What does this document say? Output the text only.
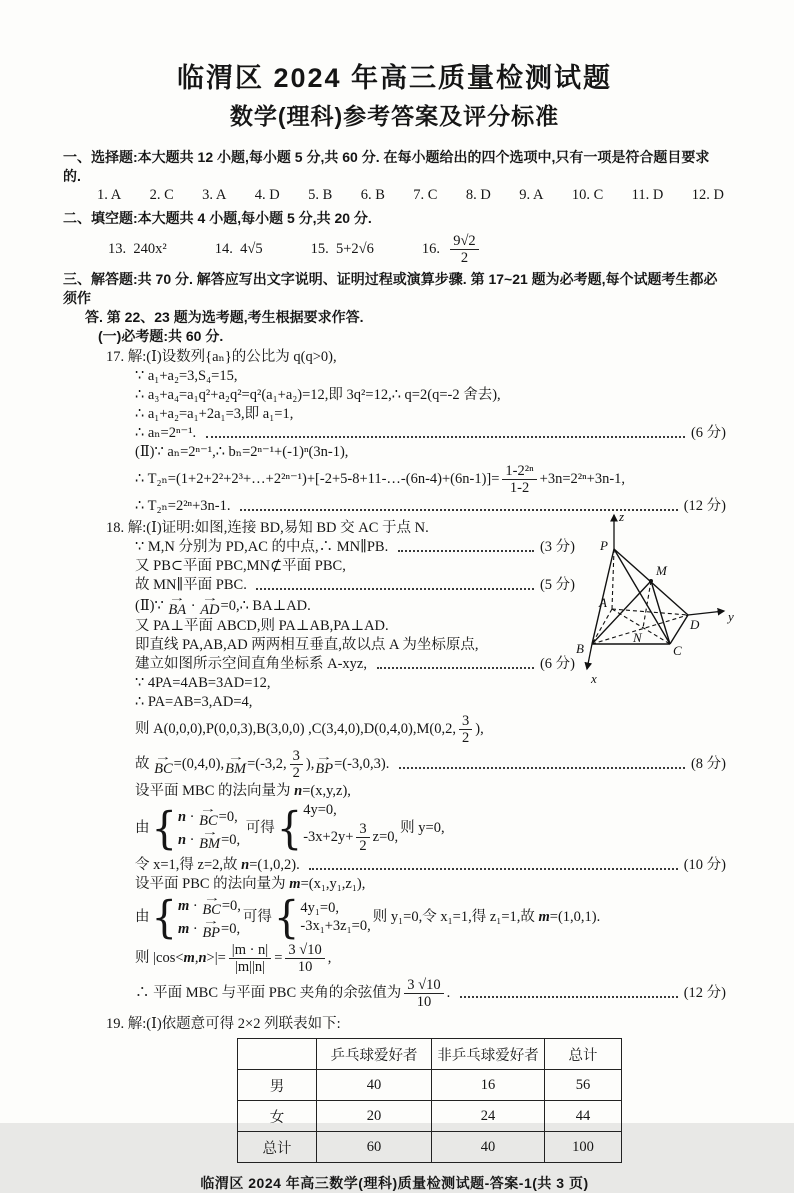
临渭区 2024 年高三质量检测试题
数学(理科)参考答案及评分标准
一、选择题:本大题共 12 小题,每小题 5 分,共 60 分. 在每小题给出的四个选项中,只有一项是符合题目要求的.
1. A 2. C 3. A 4. D 5. B 6. B 7. C 8. D 9. A 10. C 11. D 12. D
二、填空题:本大题共 4 小题,每小题 5 分,共 20 分.
13.  240x²	14.  4√5	15.  5+2√6	16. $\frac{9√2}{2}$
三、解答题:共 70 分. 解答应写出文字说明、证明过程或演算步骤. 第 17~21 题为必考题,每个试题考生都必须作
答. 第 22、23 题为选考题,考生根据要求作答.
(一)必考题:共 60 分.
17. 解:(Ⅰ)设数列{aₙ}的公比为 q(q>0),
∵ a₁+a₂=3,S₄=15,
∴ a₃+a₄=a₁q²+a₂q²=q²(a₁+a₂)=12,即 3q²=12,∴ q=2(q=-2 舍去),
∴ a₁+a₂=a₁+2a₁=3,即 a₁=1,
∴ aₙ=2ⁿ⁻¹.	(6 分)
(Ⅱ)∵ aₙ=2ⁿ⁻¹,∴ bₙ=2ⁿ⁻¹+(-1)ⁿ(3n-1),
∴ T₂ₙ=(1+2+2²+2³+…+2²ⁿ⁻¹)+[-2+5-8+11-…-(6n-4)+(6n-1)]= $\frac{\text{1-2²ⁿ}}{1-2} +3n=2^{2n}+3n-1$,
∴ T₂ₙ=2²ⁿ+3n-1.	(12 分)
18. 解:(Ⅰ)证明:如图,连接 BD,易知 BD 交 AC 于点 N.
∵ M,N 分别为 PD,AC 的中点,∴ MN∥PB.	(3 分)
又 PB⊂平面 PBC,MN⊄平面 PBC,
故 MN∥平面 PBC.	(5 分)
(Ⅱ)∵ →
BA · →
AD =0,∴ BA⊥AD.
又 PA⊥平面 ABCD,则 PA⊥AB,PA⊥AD.
即直线 PA,AB,AD 两两相互垂直,故以点 A 为坐标原点,
建立如图所示空间直角坐标系 A-xyz,	(6 分)
∵ 4PA=4AB=3AD=12,
∴ PA=AB=3,AD=4,
则 A(0,0,0),P(0,0,3),B(3,0,0) ,C(3,4,0),D(0,4,0),M(0,2, $\frac{3}{2}$ ),
故 →
BC =(0,4,0), →
BM =(-3,2, $\frac{3}{2}$ ), →
BP =(-3,0,3).	(8 分)
设平面 MBC 的法向量为 n =(x,y,z),
由 { n · →
BC =0,
n · →
BM =0,
可得 { 4y=0,
$-3x+2y+ \frac{3}{2} z=0$,
则 y=0,
令 x=1,得 z=2,故 n =(1,0,2).	(10 分)
设平面 PBC 的法向量为 m =(x₁,y₁,z₁),
由 { m · →
BC =0,
m · →
BP =0,
可得 { 4y₁=0,
-3x₁+3z₁=0,
则 y₁=0,令 x₁=1,得 z₁=1,故 m =(1,0,1).
则 |cos< m , n >|= $\frac{|m \cdot n|}{|m||n|} = \frac{3 √10}{10}$ ,
∴ 平面 MBC 与平面 PBC 夹角的余弦值为 $\frac{3 √10}{10}$ .	(12 分)
z
P
M
A
D
y
N
B	C
x
19. 解:(Ⅰ)依题意可得 2×2 列联表如下:
	乒乓球爱好者	非乒乓球爱好者	总计
男	40	16	56
女	20	24	44
总计	60	40	100
临渭区 2024 年高三数学(理科)质量检测试题-答案-1(共 3 页)
